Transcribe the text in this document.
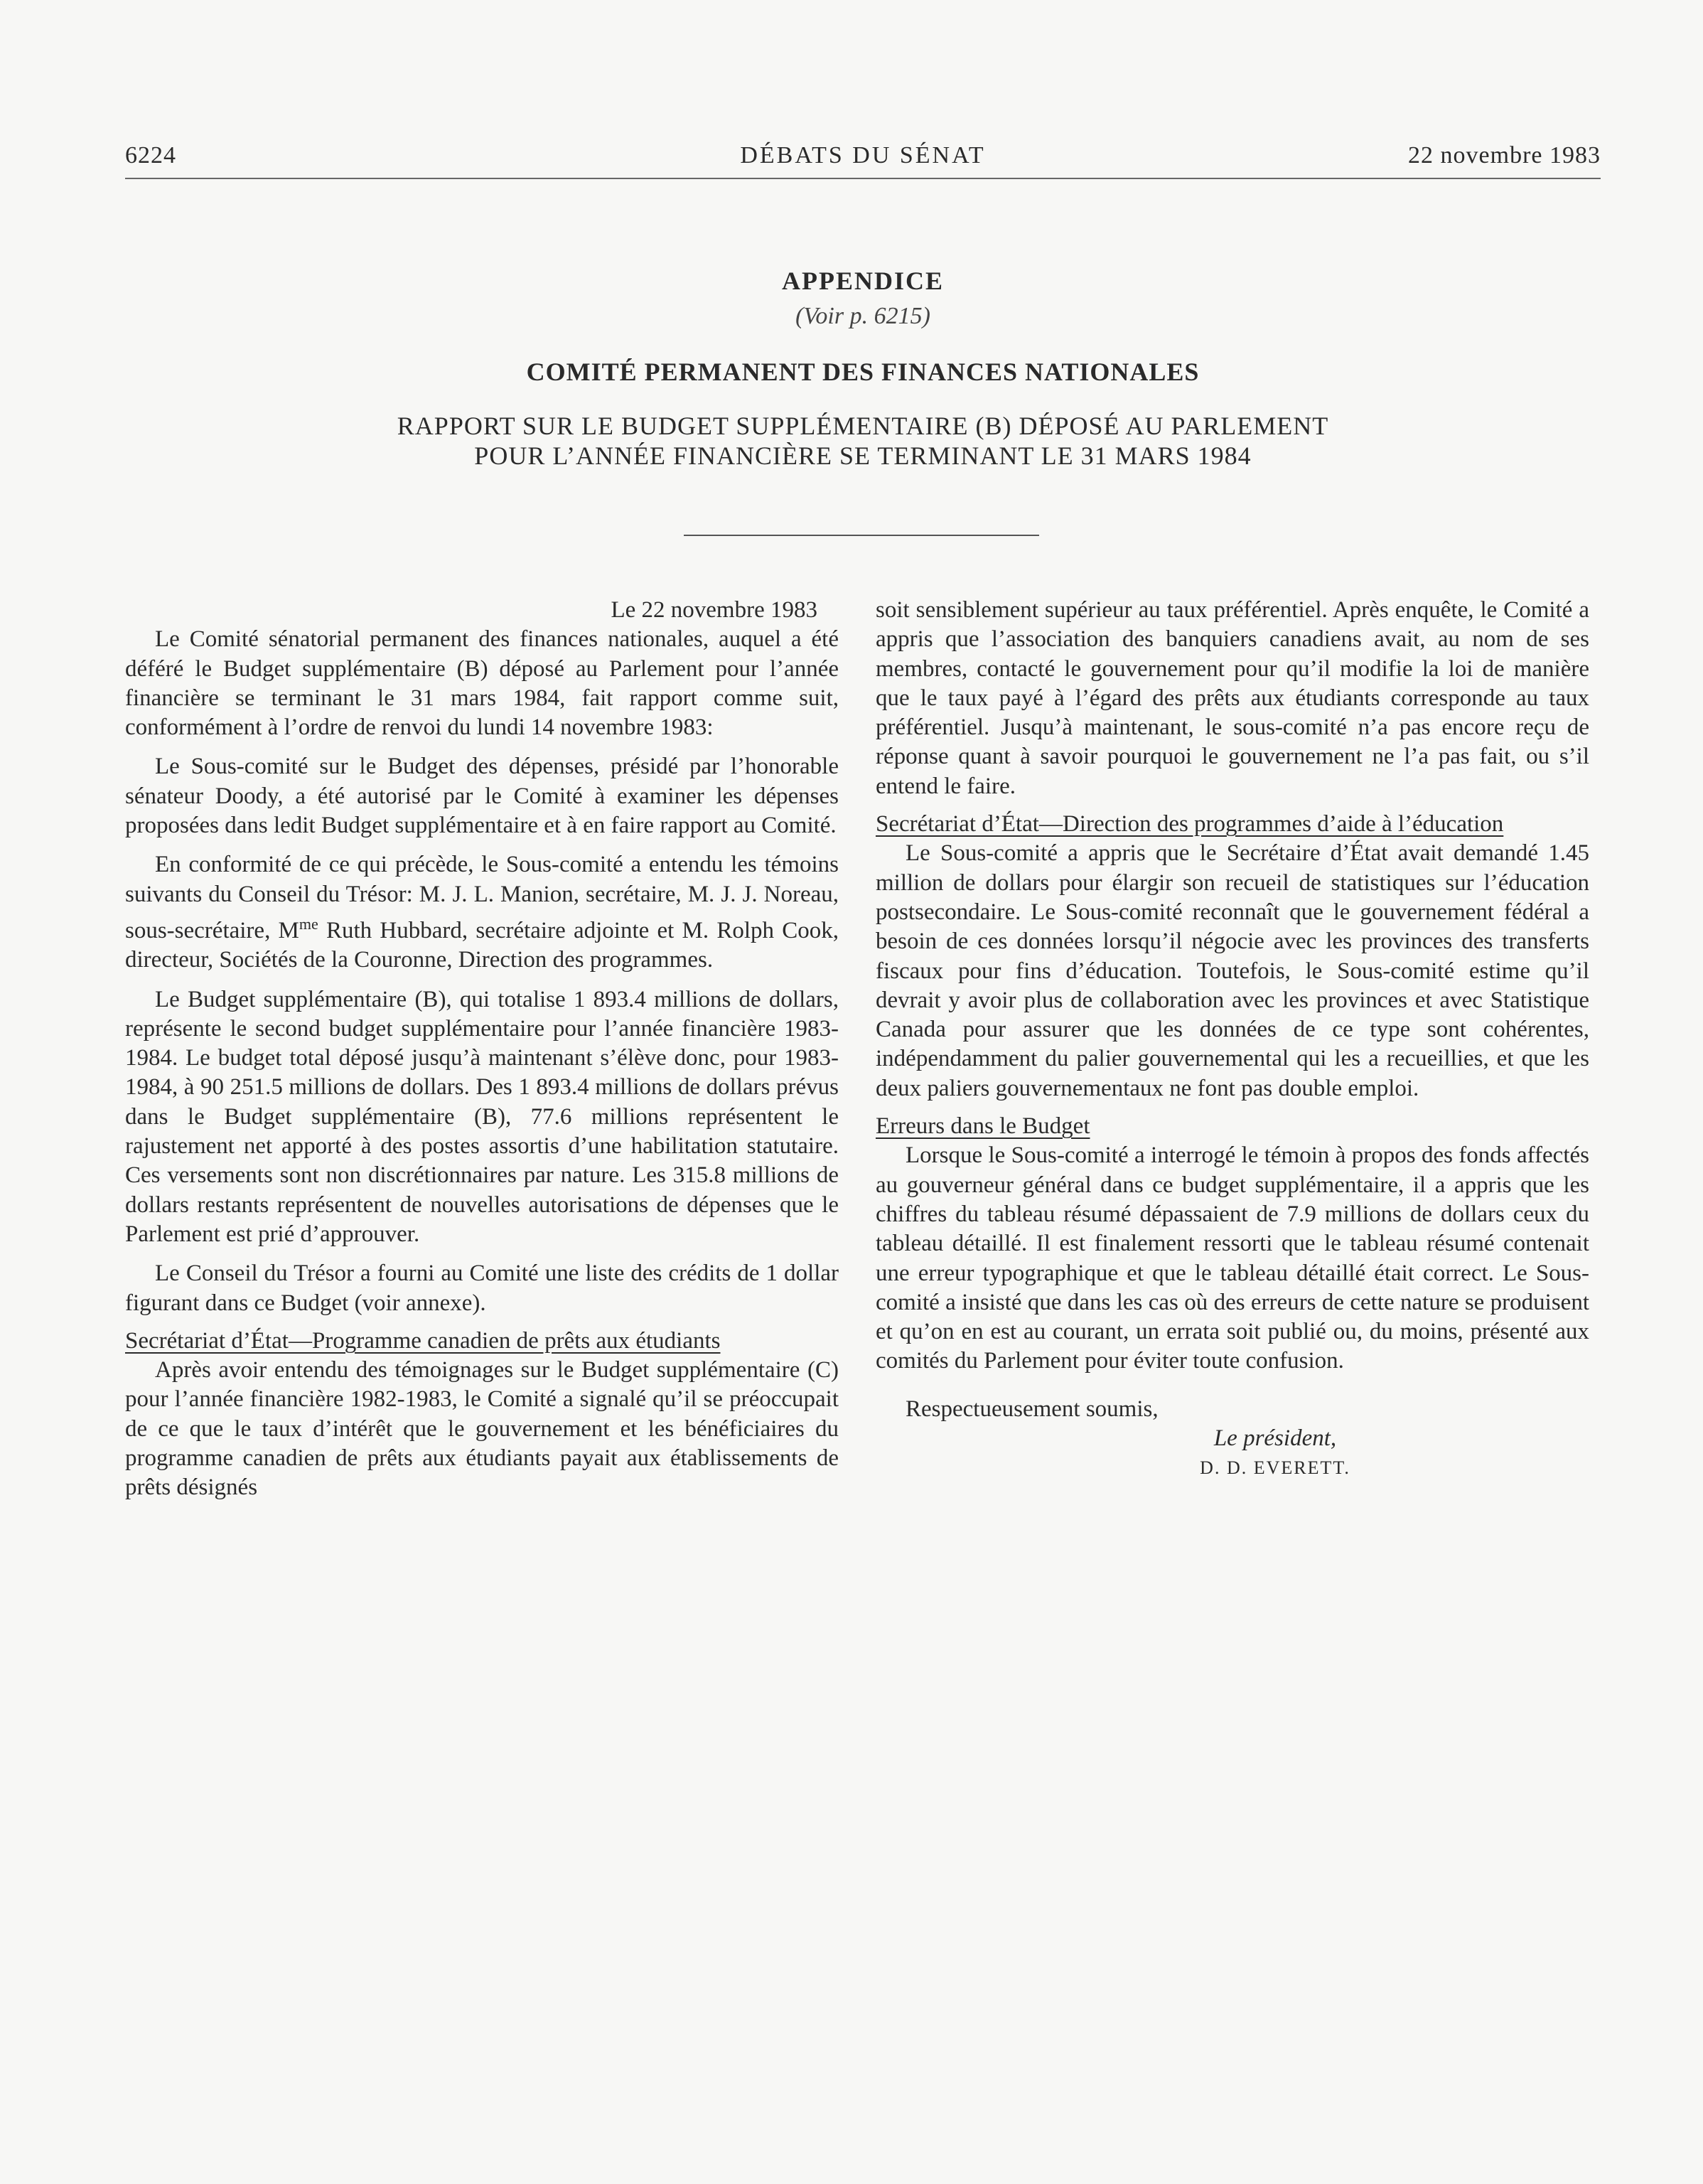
6224	DÉBATS DU SÉNAT	22 novembre 1983

APPENDICE

(Voir p. 6215)

COMITÉ PERMANENT DES FINANCES NATIONALES

RAPPORT SUR LE BUDGET SUPPLÉMENTAIRE (B) DÉPOSÉ AU PARLEMENT
POUR L’ANNÉE FINANCIÈRE SE TERMINANT LE 31 MARS 1984

Le 22 novembre 1983

Le Comité sénatorial permanent des finances nationales, auquel a été déféré le Budget supplémentaire (B) déposé au Parlement pour l’année financière se terminant le 31 mars 1984, fait rapport comme suit, conformément à l’ordre de renvoi du lundi 14 novembre 1983:

Le Sous-comité sur le Budget des dépenses, présidé par l’honorable sénateur Doody, a été autorisé par le Comité à examiner les dépenses proposées dans ledit Budget supplémentaire et à en faire rapport au Comité.

En conformité de ce qui précède, le Sous-comité a entendu les témoins suivants du Conseil du Trésor: M. J. L. Manion, secrétaire, M. J. J. Noreau, sous-secrétaire, $M^{me}$ Ruth Hubbard, secrétaire adjointe et M. Rolph Cook, directeur, Sociétés de la Couronne, Direction des programmes.

Le Budget supplémentaire (B), qui totalise 1 893.4 millions de dollars, représente le second budget supplémentaire pour l’année financière 1983-1984. Le budget total déposé jusqu’à maintenant s’élève donc, pour 1983-1984, à 90 251.5 millions de dollars. Des 1 893.4 millions de dollars prévus dans le Budget supplémentaire (B), 77.6 millions représentent le rajustement net apporté à des postes assortis d’une habilitation statutaire. Ces versements sont non discrétionnaires par nature. Les 315.8 millions de dollars restants représentent de nouvelles autorisations de dépenses que le Parlement est prié d’approuver.

Le Conseil du Trésor a fourni au Comité une liste des crédits de 1 dollar figurant dans ce Budget (voir annexe).

Secrétariat d’État—Programme canadien de prêts aux étudiants

Après avoir entendu des témoignages sur le Budget supplémentaire (C) pour l’année financière 1982-1983, le Comité a signalé qu’il se préoccupait de ce que le taux d’intérêt que le gouvernement et les bénéficiaires du programme canadien de prêts aux étudiants payait aux établissements de prêts désignés

soit sensiblement supérieur au taux préférentiel. Après enquête, le Comité a appris que l’association des banquiers canadiens avait, au nom de ses membres, contacté le gouvernement pour qu’il modifie la loi de manière que le taux payé à l’égard des prêts aux étudiants corresponde au taux préférentiel. Jusqu’à maintenant, le sous-comité n’a pas encore reçu de réponse quant à savoir pourquoi le gouvernement ne l’a pas fait, ou s’il entend le faire.

Secrétariat d’État—Direction des programmes d’aide à l’éducation

Le Sous-comité a appris que le Secrétaire d’État avait demandé 1.45 million de dollars pour élargir son recueil de statistiques sur l’éducation postsecondaire. Le Sous-comité reconnaît que le gouvernement fédéral a besoin de ces données lorsqu’il négocie avec les provinces des transferts fiscaux pour fins d’éducation. Toutefois, le Sous-comité estime qu’il devrait y avoir plus de collaboration avec les provinces et avec Statistique Canada pour assurer que les données de ce type sont cohérentes, indépendamment du palier gouvernemental qui les a recueillies, et que les deux paliers gouvernementaux ne font pas double emploi.

Erreurs dans le Budget

Lorsque le Sous-comité a interrogé le témoin à propos des fonds affectés au gouverneur général dans ce budget supplémentaire, il a appris que les chiffres du tableau résumé dépassaient de 7.9 millions de dollars ceux du tableau détaillé. Il est finalement ressorti que le tableau résumé contenait une erreur typographique et que le tableau détaillé était correct. Le Sous-comité a insisté que dans les cas où des erreurs de cette nature se produisent et qu’on en est au courant, un errata soit publié ou, du moins, présenté aux comités du Parlement pour éviter toute confusion.

Respectueusement soumis,

Le président,

D. D. EVERETT.
